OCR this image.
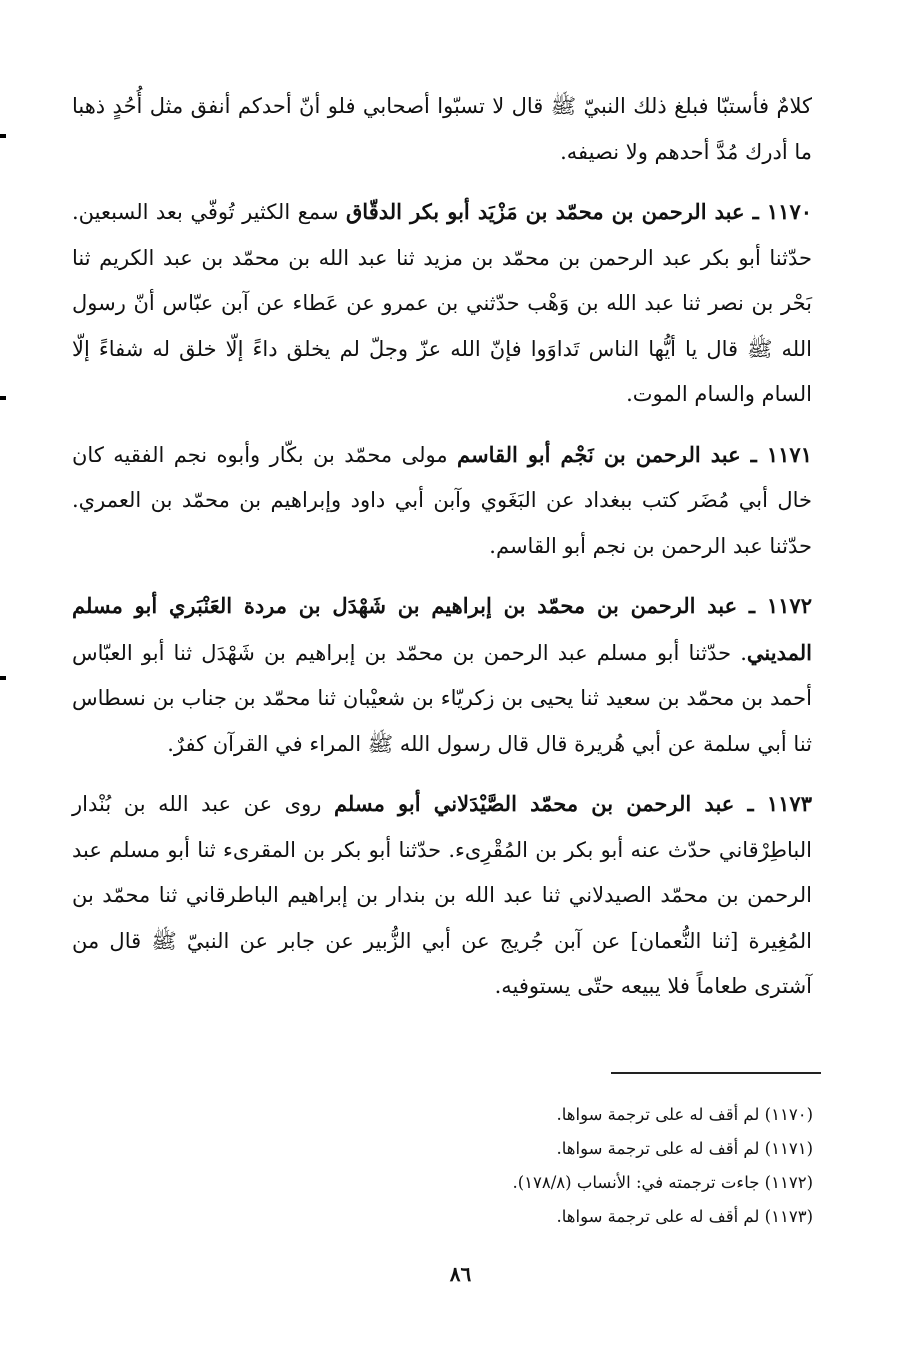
كلامٌ فأستبّا فبلغ ذلك النبيّ ﷺ قال لا تسبّوا أصحابي فلو أنّ أحدكم أنفق مثل أُحُدٍ ذهبا ما أدرك مُدَّ أحدهم ولا نصيفه.

١١٧٠ ـ عبد الرحمن بن محمّد بن مَزْيَد أبو بكر الدقّاق سمع الكثير تُوفّي بعد السبعين. حدّثنا أبو بكر عبد الرحمن بن محمّد بن مزيد ثنا عبد الله بن محمّد بن عبد الكريم ثنا بَحْر بن نصر ثنا عبد الله بن وَهْب حدّثني بن عمرو عن عَطاء عن آبن عبّاس أنّ رسول الله ﷺ قال يا أيُّها الناس تَداوَوا فإنّ الله عزّ وجلّ لم يخلق داءً إلّا خلق له شفاءً إلّا السام والسام الموت.

١١٧١ ـ عبد الرحمن بن نَجْم أبو القاسم مولى محمّد بن بكّار وأبوه نجم الفقيه كان خال أبي مُضَر كتب ببغداد عن البَغَوي وآبن أبي داود وإبراهيم بن محمّد بن العمري. حدّثنا عبد الرحمن بن نجم أبو القاسم.

١١٧٢ ـ عبد الرحمن بن محمّد بن إبراهيم بن شَهْدَل بن مردة العَنْبَري أبو مسلم المديني. حدّثنا أبو مسلم عبد الرحمن بن محمّد بن إبراهيم بن شَهْدَل ثنا أبو العبّاس أحمد بن محمّد بن سعيد ثنا يحيى بن زكريّاء بن شعيْبان ثنا محمّد بن جناب بن نسطاس ثنا أبي سلمة عن أبي هُريرة قال قال رسول الله ﷺ المراء في القرآن كفرٌ.

١١٧٣ ـ عبد الرحمن بن محمّد الصَّيْدَلاني أبو مسلم روى عن عبد الله بن بُنْدار الباطِرْقاني حدّث عنه أبو بكر بن المُقْرِىء. حدّثنا أبو بكر بن المقرىء ثنا أبو مسلم عبد الرحمن بن محمّد الصيدلاني ثنا عبد الله بن بندار بن إبراهيم الباطرقاني ثنا محمّد بن المُغِيرة [ثنا النُّعمان] عن آبن جُريج عن أبي الزُّبير عن جابر عن النبيّ ﷺ قال من آشترى طعاماً فلا يبيعه حتّى يستوفيه.

(١١٧٠) لم أقف له على ترجمة سواها.

(١١٧١) لم أقف له على ترجمة سواها.

(١١٧٢) جاءت ترجمته في: الأنساب (١٧٨/٨).

(١١٧٣) لم أقف له على ترجمة سواها.

٨٦
